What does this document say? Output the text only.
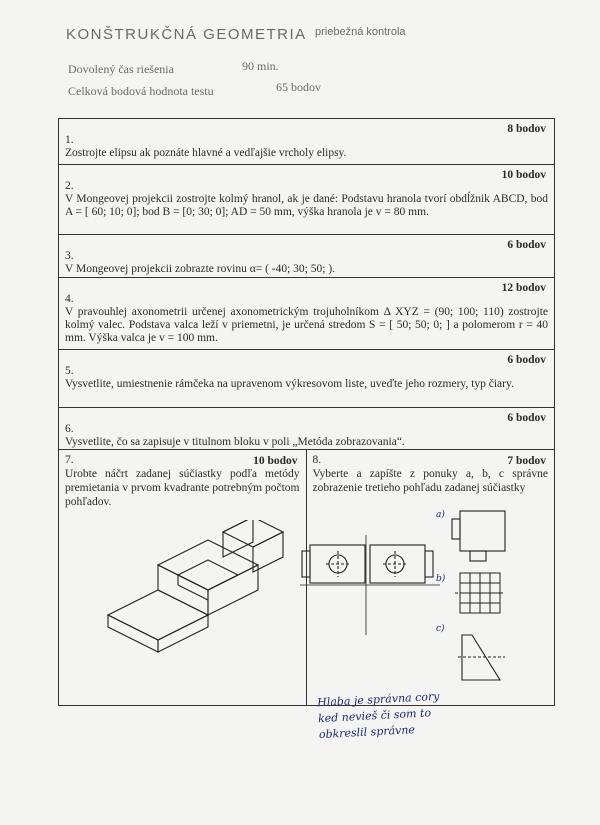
KONŠTRUKČNÁ GEOMETRIA priebežná kontrola
Dovolený čas riešenia	90 min.
Celková bodová hodnota testu	65 bodov
8 bodov
1.
Zostrojte elipsu ak poznáte hlavné a vedľajšie vrcholy elipsy.
10 bodov
2.
V Mongeovej projekcii zostrojte kolmý hranol, ak je dané: Podstavu hranola tvorí obdĺžnik ABCD, bod A = [ 60; 10; 0]; bod B = [0; 30; 0]; AD = 50 mm, výška hranola je v = 80 mm.
6 bodov
3.
V Mongeovej projekcii zobrazte rovinu α= ( -40; 30; 50; ).
12 bodov
4.
V pravouhlej axonometrii určenej axonometrickým trojuholníkom Δ XYZ = (90; 100; 110) zostrojte kolmý valec. Podstava valca leží v priemetni, je určená stredom S = [ 50; 50; 0; ] a polomerom r = 40 mm. Výška valca je v = 100 mm.
6 bodov
5.
Vysvetlite, umiestnenie rámčeka na upravenom výkresovom liste, uveďte jeho rozmery, typ čiary.
6 bodov
6.
Vysvetlite, čo sa zapisuje v titulnom bloku v poli „Metóda zobrazovania“.
10 bodov
7.
Urobte náčrt zadanej súčiastky podľa metódy premietania v prvom kvadrante potrebným počtom pohľadov.
7 bodov
8.
Vyberte a zapíšte z ponuky a, b, c správne zobrazenie tretieho pohľadu zadanej súčiastky
a)
b)
c)
Hlaba je správna cory
ked nevieš či som to
obkreslil správne
